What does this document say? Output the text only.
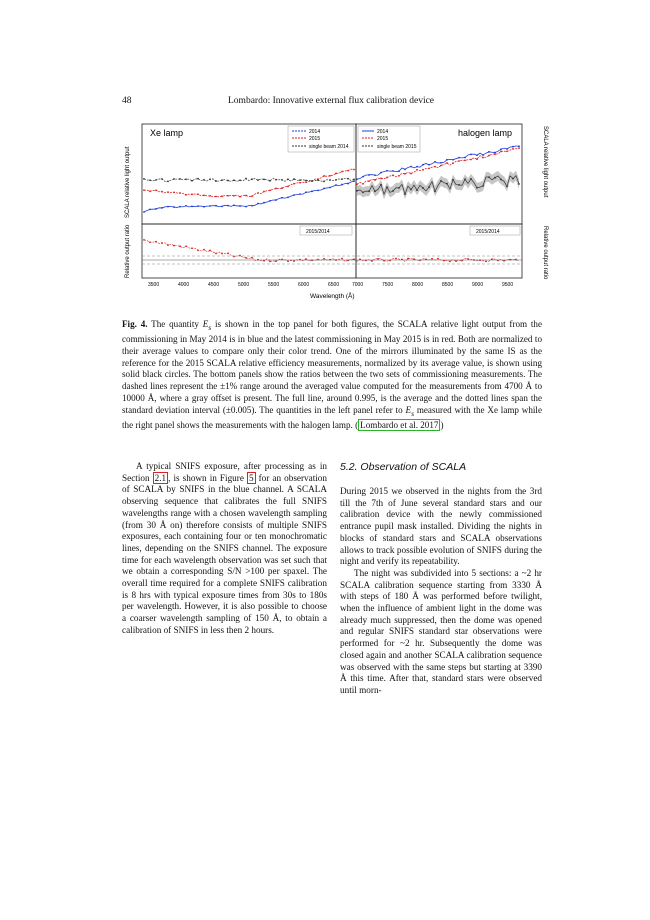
48	Lombardo: Innovative external flux calibration device
Xe lamp	halogen lamp
2014
2015
single beam 2014
2014
2015
single beam 2015
2015/2014	2015/2014
SCALA relative light output
Relative output ratio
SCALA relative light output
Relative output ratio
Wavelength (Å)
3500	4000	4500	5000	5500	6000	6500	7000	7500	8000	8500	9000	9500
Fig. 4. The quantity $E_s$ is shown in the top panel for both figures, the SCALA relative light output from the commissioning in May 2014 is in blue and the latest commissioning in May 2015 is in red. Both are normalized to their average values to compare only their color trend. One of the mirrors illuminated by the same IS as the reference for the 2015 SCALA relative efficiency measurements, normalized by its average value, is shown using solid black circles. The bottom panels show the ratios between the two sets of commissioning measurements. The dashed lines represent the ±1% range around the averaged value computed for the measurements from 4700 Å to 10000 Å, where a gray offset is present. The full line, around 0.995, is the average and the dotted lines span the standard deviation interval (±0.005). The quantities in the left panel refer to $E_s$ measured with the Xe lamp while the right panel shows the measurements with the halogen lamp. ( Lombardo et al. 2017 )

A typical SNIFS exposure, after processing as in Section 2.1 , is shown in Figure 5 for an observation of SCALA by SNIFS in the blue channel. A SCALA observing sequence that calibrates the full SNIFS wavelengths range with a chosen wavelength sampling (from 30 Å on) therefore consists of multiple SNIFS exposures, each containing four or ten monochromatic lines, depending on the SNIFS channel. The exposure time for each wavelength observation was set such that we obtain a corresponding S/N >100 per spaxel. The overall time required for a complete SNIFS calibration is 8 hrs with typical exposure times from 30s to 180s per wavelength. However, it is also possible to choose a coarser wavelength sampling of 150 Å, to obtain a calibration of SNIFS in less then 2 hours.

5.2. Observation of SCALA

During 2015 we observed in the nights from the 3rd till the 7th of June several standard stars and our calibration device with the newly commissioned entrance pupil mask installed. Dividing the nights in blocks of standard stars and SCALA observations allows to track possible evolution of SNIFS during the night and verify its repeatability.

The night was subdivided into 5 sections: a ~2 hr SCALA calibration sequence starting from 3330 Å with steps of 180 Å was performed before twilight, when the influence of ambient light in the dome was already much suppressed, then the dome was opened and regular SNIFS standard star observations were performed for ~2 hr. Subsequently the dome was closed again and another SCALA calibration sequence was observed with the same steps but starting at 3390 Å this time. After that, standard stars were observed until morn-
